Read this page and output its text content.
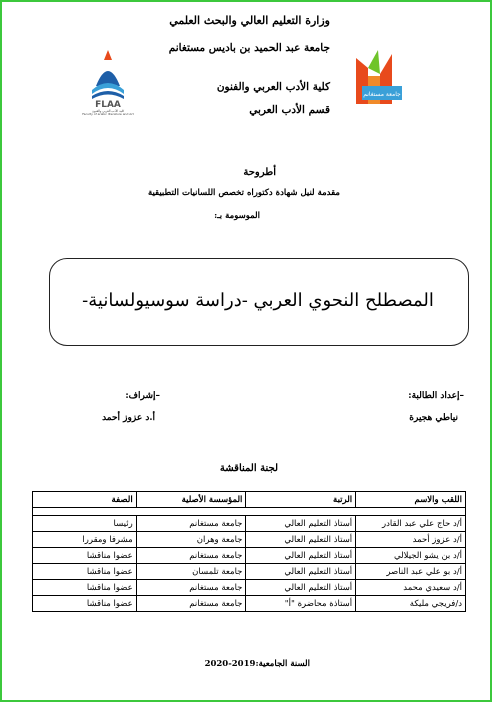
وزارة التعليم العالي والبحث العلمي
جامعة عبد الحميد بن باديس مستغانم
كلية الأدب العربي والفنون
قسم الأدب العربي
جامعة مستغانم
FLAA
كلية الأدب العربي والفنون
Faculty of arabic literature and Art
أطروحة
مقدمة لنيل شهادة دكتوراه تخصص اللسانيات التطبيقية
الموسومة بـ:
المصطلح النحوي العربي -دراسة سوسيولسانية-
–إعداد الطالبة:
نياطي هجيرة
–إشراف:
أ.د عزوز أحمد
لجنة المناقشة
اللقب والاسم	الرتبة	المؤسسة الأصلية	الصفة

أ/د حاج علي عبد القادر	أستاذ التعليم العالي	جامعة مستغانم	رئيسا
أ/د عزوز أحمد	أستاذ التعليم العالي	جامعة وهران	مشرفا ومقررا
أ/د بن يشو الجيلالي	أستاذ التعليم العالي	جامعة مستغانم	عضوا مناقشا
أ/د بو علي عبد الناصر	أستاذ التعليم العالي	جامعة تلمسان	عضوا مناقشا
أ/د سعيدي محمد	أستاذ التعليم العالي	جامعة مستغانم	عضوا مناقشا
د/فريجي مليكة	أستاذة محاضرة "أ"	جامعة مستغانم	عضوا مناقشا
السنة الجامعية:2019-2020
